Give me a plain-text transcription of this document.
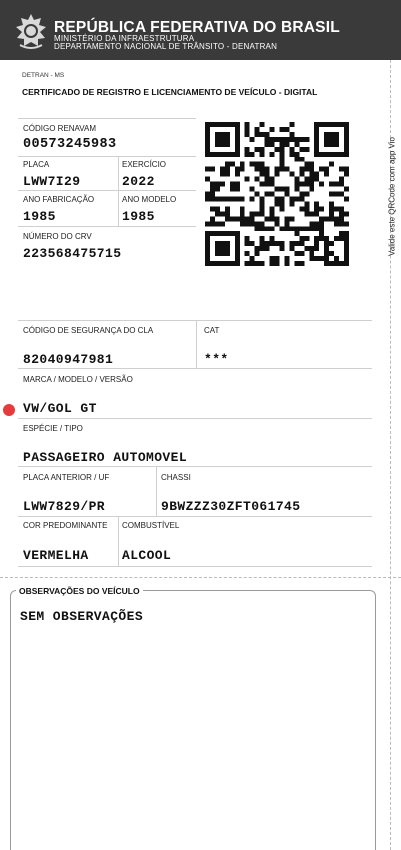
REPÚBLICA FEDERATIVA DO BRASIL
MINISTÉRIO DA INFRAESTRUTURA
DEPARTAMENTO NACIONAL DE TRÂNSITO - DENATRAN
DETRAN - MS
CERTIFICADO DE REGISTRO E LICENCIAMENTO DE VEÍCULO - DIGITAL
CÓDIGO RENAVAM
00573245983
PLACA
LWW7I29
EXERCÍCIO
2022
ANO FABRICAÇÃO
1985
ANO MODELO
1985
NÚMERO DO CRV
223568475715	Valide este QRCode com app Vio
CÓDIGO DE SEGURANÇA DO CLA
82040947981
CAT
***
MARCA / MODELO / VERSÃO
VW/GOL GT
ESPÉCIE / TIPO
PASSAGEIRO AUTOMOVEL
PLACA ANTERIOR / UF
LWW7829/PR
CHASSI
9BWZZZ30ZFT061745
COR PREDOMINANTE
VERMELHA
COMBUSTÍVEL
ALCOOL
OBSERVAÇÕES DO VEÍCULO
SEM OBSERVAÇÕES
